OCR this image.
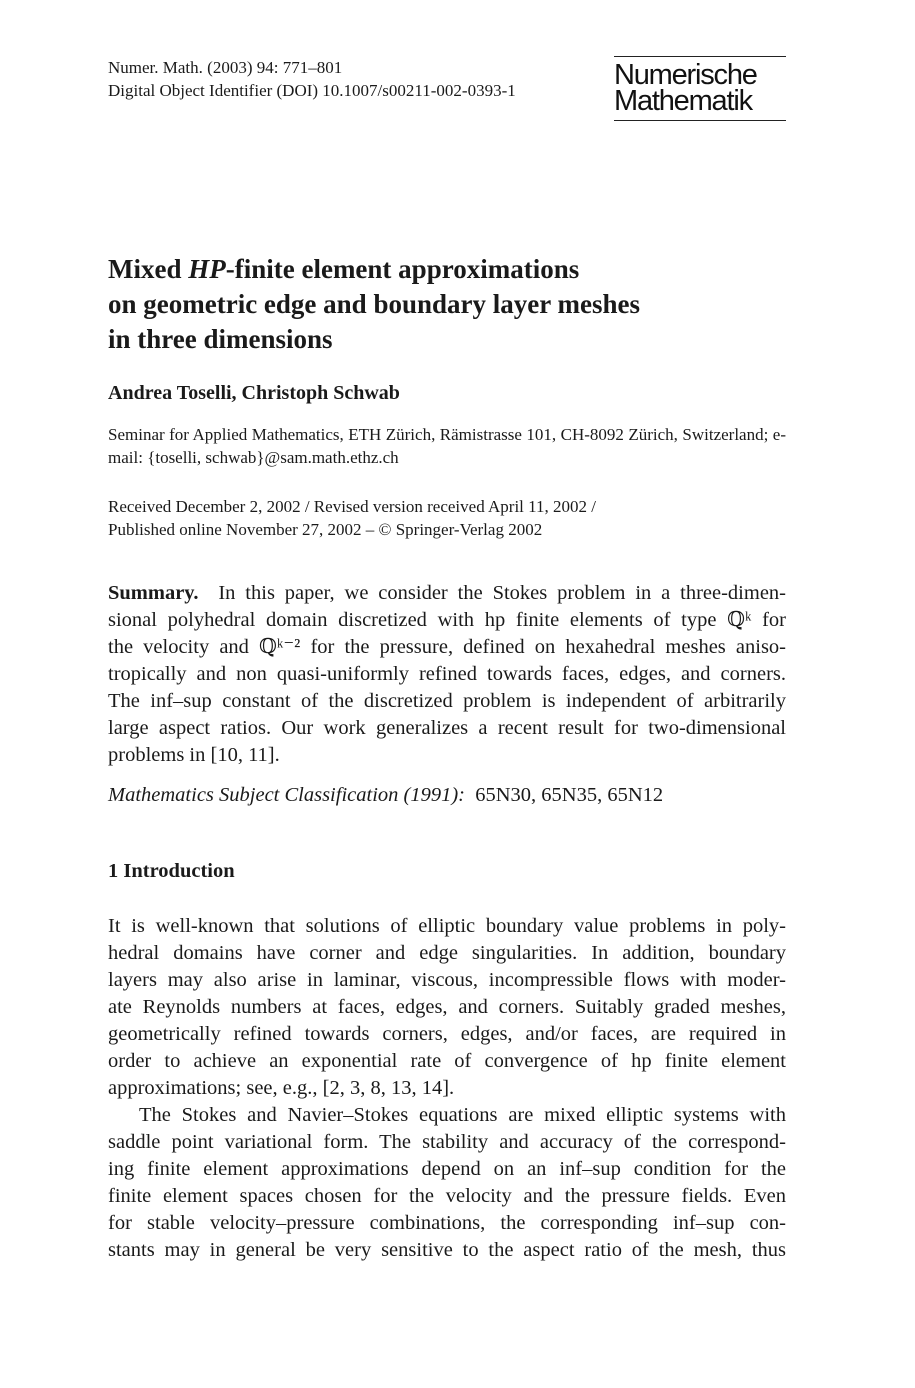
Numer. Math. (2003) 94: 771–801
Digital Object Identifier (DOI) 10.1007/s00211-002-0393-1	Numerische
Mathematik
Mixed HP-finite element approximations
on geometric edge and boundary layer meshes
in three dimensions
Andrea Toselli, Christoph Schwab
Seminar for Applied Mathematics, ETH Zürich, Rämistrasse 101, CH-8092 Zürich, Switzerland; e-mail: {toselli, schwab}@sam.math.ethz.ch
Received December 2, 2002 / Revised version received April 11, 2002 /
Published online November 27, 2002 – © Springer-Verlag 2002
Summary. In this paper, we consider the Stokes problem in a three-dimen-
sional polyhedral domain discretized with hp finite elements of type ℚᵏ for
the velocity and ℚᵏ⁻² for the pressure, defined on hexahedral meshes aniso-
tropically and non quasi-uniformly refined towards faces, edges, and corners.
The inf–sup constant of the discretized problem is independent of arbitrarily
large aspect ratios. Our work generalizes a recent result for two-dimensional
problems in [10, 11].
Mathematics Subject Classification (1991): 65N30, 65N35, 65N12
1 Introduction

It is well-known that solutions of elliptic boundary value problems in poly-
hedral domains have corner and edge singularities. In addition, boundary
layers may also arise in laminar, viscous, incompressible flows with moder-
ate Reynolds numbers at faces, edges, and corners. Suitably graded meshes,
geometrically refined towards corners, edges, and/or faces, are required in
order to achieve an exponential rate of convergence of hp finite element
approximations; see, e.g., [2, 3, 8, 13, 14].

The Stokes and Navier–Stokes equations are mixed elliptic systems with
saddle point variational form. The stability and accuracy of the correspond-
ing finite element approximations depend on an inf–sup condition for the
finite element spaces chosen for the velocity and the pressure fields. Even
for stable velocity–pressure combinations, the corresponding inf–sup con-
stants may in general be very sensitive to the aspect ratio of the mesh, thus
